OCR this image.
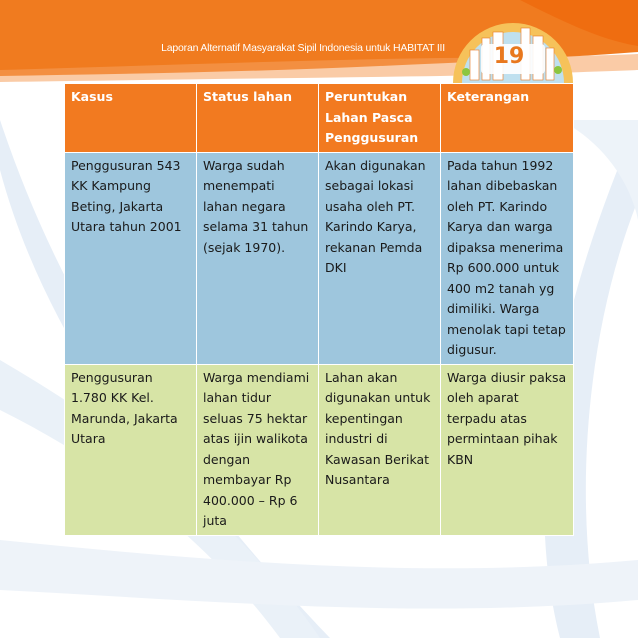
Laporan Alternatif Masyarakat Sipil Indonesia untuk HABITAT III	19
Kasus	Status lahan	Peruntukan Lahan Pasca Penggusuran	Keterangan
Penggusuran 543 KK Kampung Beting, Jakarta Utara tahun 2001	Warga sudah menempati lahan negara selama 31 tahun (sejak 1970).	Akan digunakan sebagai lokasi usaha oleh PT. Karindo Karya, rekanan Pemda DKI	Pada tahun 1992 lahan dibebaskan oleh PT. Karindo Karya dan warga dipaksa menerima Rp 600.000 untuk 400 m2 tanah yg dimiliki. Warga menolak tapi tetap digusur.
Penggusuran 1.780 KK Kel. Marunda, Jakarta Utara	Warga mendiami lahan tidur seluas 75 hektar atas ijin walikota dengan membayar Rp 400.000 – Rp 6 juta	Lahan akan digunakan untuk kepentingan industri di Kawasan Berikat Nusantara	Warga diusir paksa oleh aparat terpadu atas permintaan pihak KBN
